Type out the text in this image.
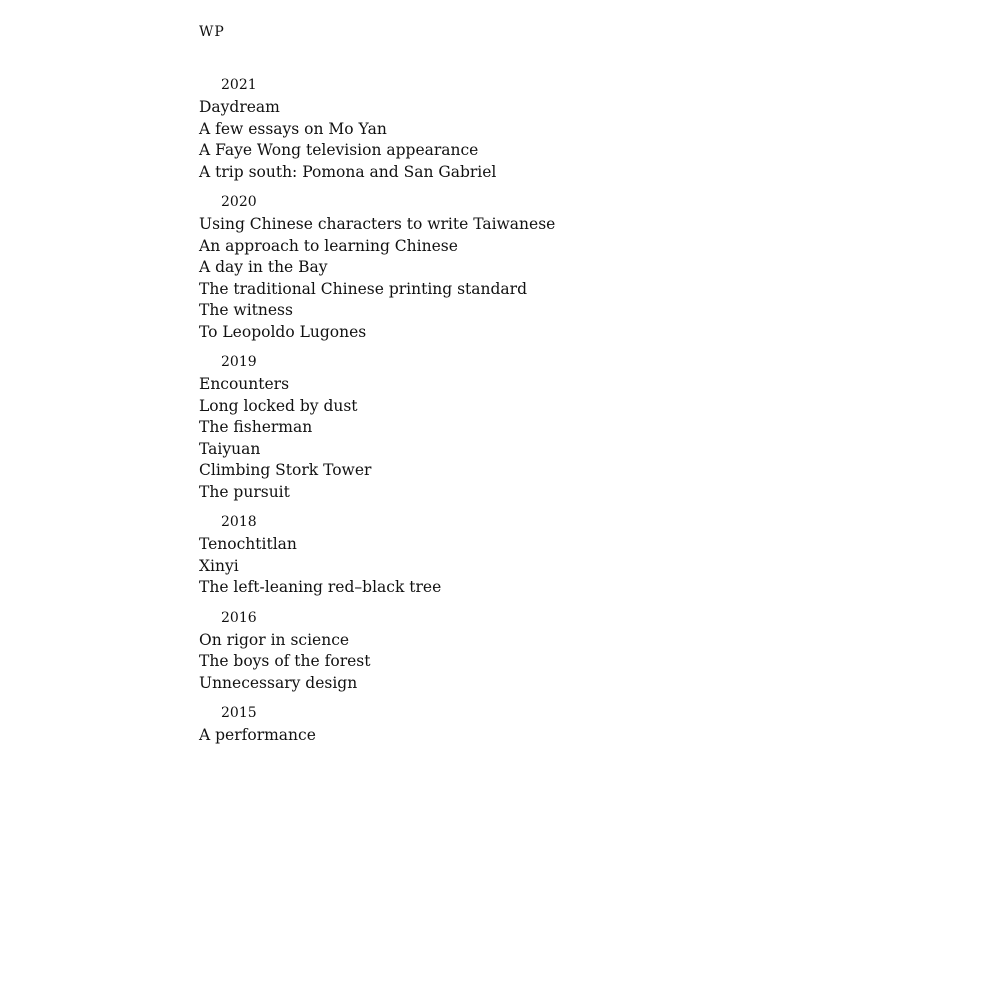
WP
2021
Daydream
A few essays on Mo Yan
A Faye Wong television appearance
A trip south: Pomona and San Gabriel
2020
Using Chinese characters to write Taiwanese
An approach to learning Chinese
A day in the Bay
The traditional Chinese printing standard
The witness
To Leopoldo Lugones
2019
Encounters
Long locked by dust
The fisherman
Taiyuan
Climbing Stork Tower
The pursuit
2018
Tenochtitlan
Xinyi
The left-leaning red–black tree
2016
On rigor in science
The boys of the forest
Unnecessary design
2015
A performance
